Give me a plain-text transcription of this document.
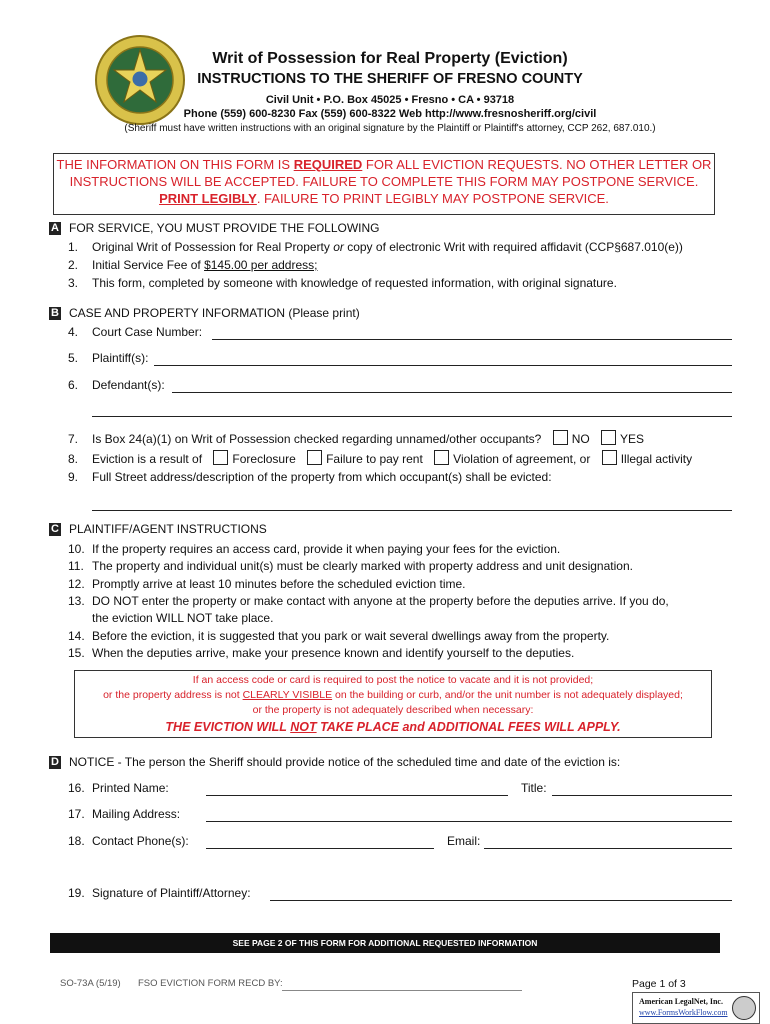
Writ of Possession for Real Property (Eviction)
INSTRUCTIONS TO THE SHERIFF OF FRESNO COUNTY
Civil Unit • P.O. Box 45025 • Fresno • CA • 93718
Phone (559) 600-8230 Fax (559) 600-8322 Web http://www.fresnosheriff.org/civil
(Sheriff must have written instructions with an original signature by the Plaintiff or Plaintiff's attorney, CCP 262, 687.010.)
THE INFORMATION ON THIS FORM IS REQUIRED FOR ALL EVICTION REQUESTS. NO OTHER LETTER OR
INSTRUCTIONS WILL BE ACCEPTED. FAILURE TO COMPLETE THIS FORM MAY POSTPONE SERVICE.
PRINT LEGIBLY. FAILURE TO PRINT LEGIBLY MAY POSTPONE SERVICE.
A FOR SERVICE, YOU MUST PROVIDE THE FOLLOWING
1. Original Writ of Possession for Real Property or copy of electronic Writ with required affidavit (CCP§687.010(e))
2. Initial Service Fee of $145.00 per address;
3. This form, completed by someone with knowledge of requested information, with original signature.
B CASE AND PROPERTY INFORMATION (Please print)
4. Court Case Number:
5. Plaintiff(s):
6. Defendant(s):
7. Is Box 24(a)(1) on Writ of Possession checked regarding unnamed/other occupants?	NO	YES
8. Eviction is a result of	Foreclosure	Failure to pay rent	Violation of agreement, or	Illegal activity
9. Full Street address/description of the property from which occupant(s) shall be evicted:
C PLAINTIFF/AGENT INSTRUCTIONS
10. If the property requires an access card, provide it when paying your fees for the eviction.
11. The property and individual unit(s) must be clearly marked with property address and unit designation.
12. Promptly arrive at least 10 minutes before the scheduled eviction time.
13. DO NOT enter the property or make contact with anyone at the property before the deputies arrive. If you do,
the eviction WILL NOT take place.
14. Before the eviction, it is suggested that you park or wait several dwellings away from the property.
15. When the deputies arrive, make your presence known and identify yourself to the deputies.
If an access code or card is required to post the notice to vacate and it is not provided;
or the property address is not CLEARLY VISIBLE on the building or curb, and/or the unit number is not adequately displayed;
or the property is not adequately described when necessary:
THE EVICTION WILL NOT TAKE PLACE and ADDITIONAL FEES WILL APPLY.
D NOTICE - The person the Sheriff should provide notice of the scheduled time and date of the eviction is:
16. Printed Name:	Title:
17. Mailing Address:
18. Contact Phone(s):	Email:
19. Signature of Plaintiff/Attorney:
SEE PAGE 2 OF THIS FORM FOR ADDITIONAL REQUESTED INFORMATION
SO-73A (5/19) FSO EVICTION FORM RECD BY:	Page 1 of 3
American LegalNet, Inc.
www.FormsWorkFlow.com
